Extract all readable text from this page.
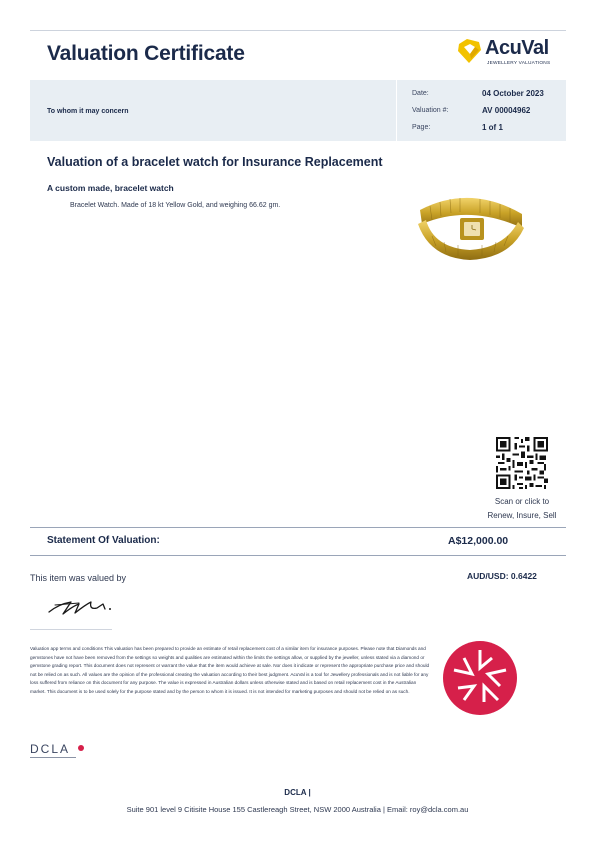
Valuation Certificate	AcuVal
JEWELLERY VALUATIONS
To whom it may concern
Date:	04 October 2023
Valuation #:	AV 00004962
Page:	1 of 1
Valuation of a bracelet watch for Insurance Replacement
A custom made, bracelet watch
Bracelet Watch. Made of 18 kt Yellow Gold, and weighing 66.62 gm.
Scan or click to
Renew, Insure, Sell
Statement Of Valuation:	A$12,000.00
This item was valued by	AUD/USD: 0.6422
Valuation app terms and conditions This valuation has been prepared to provide an estimate of retail replacement cost of a similar item for insurance purposes. Please note that Diamonds and gemstones have not have been removed from the settings so weights and qualities are estimated within the limits the settings allow, or supplied by the jeweller, unless stated via a diamond or gemstone grading report. This document does not represent or warrant the value that the item would achieve at sale. Nor does it indicate or represent the appropriate purchase price and should not be relied on as such. All values are the opinion of the professional creating the valuation according to their best judgment. AcuVal is a tool for Jewellery professionals and is not liable for any loss suffered from reliance on this document for any purpose. The value is expressed in Australian dollars unless otherwise stated and is based on retail replacement cost in the Australian market. This document is to be used solely for the purpose stated and by the person to whom it is issued. It is not intended for marketing purposes and should not be relied on as such.
DCLA
DCLA |
Suite 901 level 9 Citisite House 155 Castlereagh Street, NSW 2000 Australia | Email: roy@dcla.com.au
